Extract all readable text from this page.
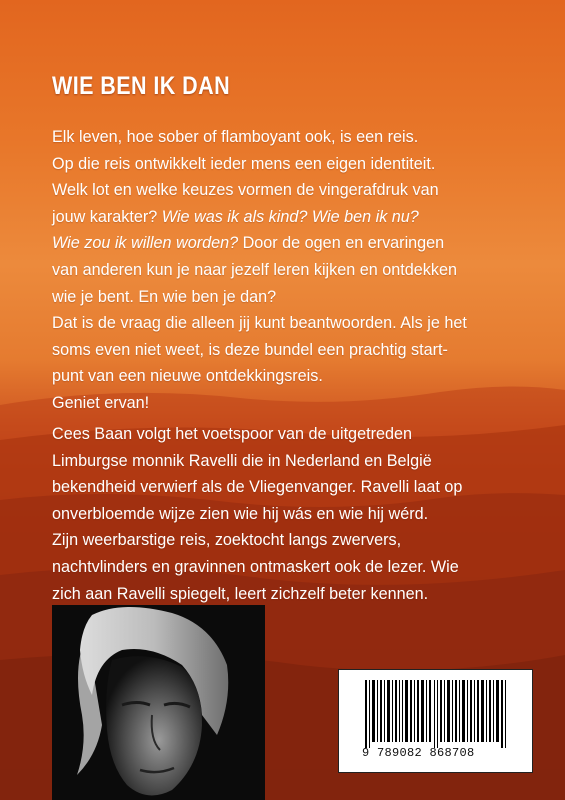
WIE BEN IK DAN
Elk leven, hoe sober of flamboyant ook, is een reis.
Op die reis ontwikkelt ieder mens een eigen identiteit.
Welk lot en welke keuzes vormen de vingerafdruk van
jouw karakter? Wie was ik als kind? Wie ben ik nu?
Wie zou ik willen worden? Door de ogen en ervaringen
van anderen kun je naar jezelf leren kijken en ontdekken
wie je bent. En wie ben je dan?
Dat is de vraag die alleen jij kunt beantwoorden. Als je het
soms even niet weet, is deze bundel een prachtig start-
punt van een nieuwe ontdekkingsreis.
Geniet ervan!
Cees Baan volgt het voetspoor van de uitgetreden
Limburgse monnik Ravelli die in Nederland en België
bekendheid verwierf als de Vliegenvanger. Ravelli laat op
onverbloemde wijze zien wie hij wás en wie hij wérd.
Zijn weerbarstige reis, zoektocht langs zwervers,
nachtvlinders en gravinnen ontmaskert ook de lezer. Wie
zich aan Ravelli spiegelt, leert zichzelf beter kennen.
9 789082 868708
